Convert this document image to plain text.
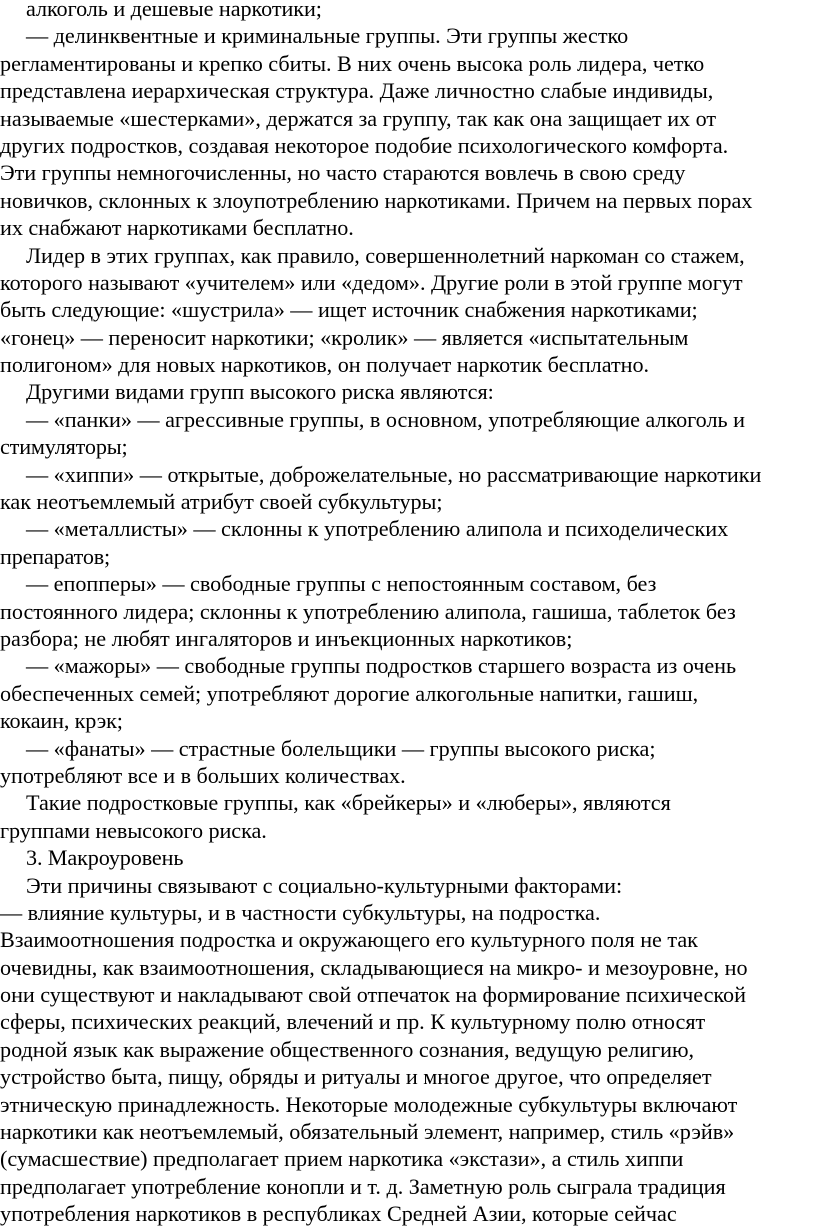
алкоголь и дешевые наркотики;
— делинквентные и криминальные группы. Эти группы жестко
регламентированы и крепко сбиты. В них очень высока роль лидера, четко
представлена иерархическая структура. Даже личностно слабые индивиды,
называемые «шестерками», держатся за группу, так как она защищает их от
других подростков, создавая некоторое подобие психологического комфорта.
Эти группы немногочисленны, но часто стараются вовлечь в свою среду
новичков, склонных к злоупотреблению наркотиками. Причем на первых порах
их снабжают наркотиками бесплатно.
Лидер в этих группах, как правило, совершеннолетний наркоман со стажем,
которого называют «учителем» или «дедом». Другие роли в этой группе могут
быть следующие: «шустрила» — ищет источник снабжения наркотиками;
«гонец» — переносит наркотики; «кролик» — является «испытательным
полигоном» для новых наркотиков, он получает наркотик бесплатно.
Другими видами групп высокого риска являются:
— «панки» — агрессивные группы, в основном, употребляющие алкоголь и
стимуляторы;
— «хиппи» — открытые, доброжелательные, но рассматривающие наркотики
как неотъемлемый атрибут своей субкультуры;
— «металлисты» — склонны к употреблению алипола и психоделических
препаратов;
— епопперы» — свободные группы с непостоянным составом, без
постоянного лидера; склонны к употреблению алипола, гашиша, таблеток без
разбора; не любят ингаляторов и инъекционных наркотиков;
— «мажоры» — свободные группы подростков старшего возраста из очень
обеспеченных семей; употребляют дорогие алкогольные напитки, гашиш,
кокаин, крэк;
— «фанаты» — страстные болельщики — группы высокого риска;
употребляют все и в больших количествах.
Такие подростковые группы, как «брейкеры» и «люберы», являются
группами невысокого риска.
3. Макроуровень
Эти причины связывают с социально-культурными факторами:
— влияние культуры, и в частности субкультуры, на подростка.
Взаимоотношения подростка и окружающего его культурного поля не так
очевидны, как взаимоотношения, складывающиеся на микро- и мезоуровне, но
они существуют и накладывают свой отпечаток на формирование психической
сферы, психических реакций, влечений и пр. К культурному полю относят
родной язык как выражение общественного сознания, ведущую религию,
устройство быта, пищу, обряды и ритуалы и многое другое, что определяет
этническую принадлежность. Некоторые молодежные субкультуры включают
наркотики как неотъемлемый, обязательный элемент, например, стиль «рэйв»
(сумасшествие) предполагает прием наркотика «экстази», а стиль хиппи
предполагает употребление конопли и т. д. Заметную роль сыграла традиция
употребления наркотиков в республиках Средней Азии, которые сейчас
